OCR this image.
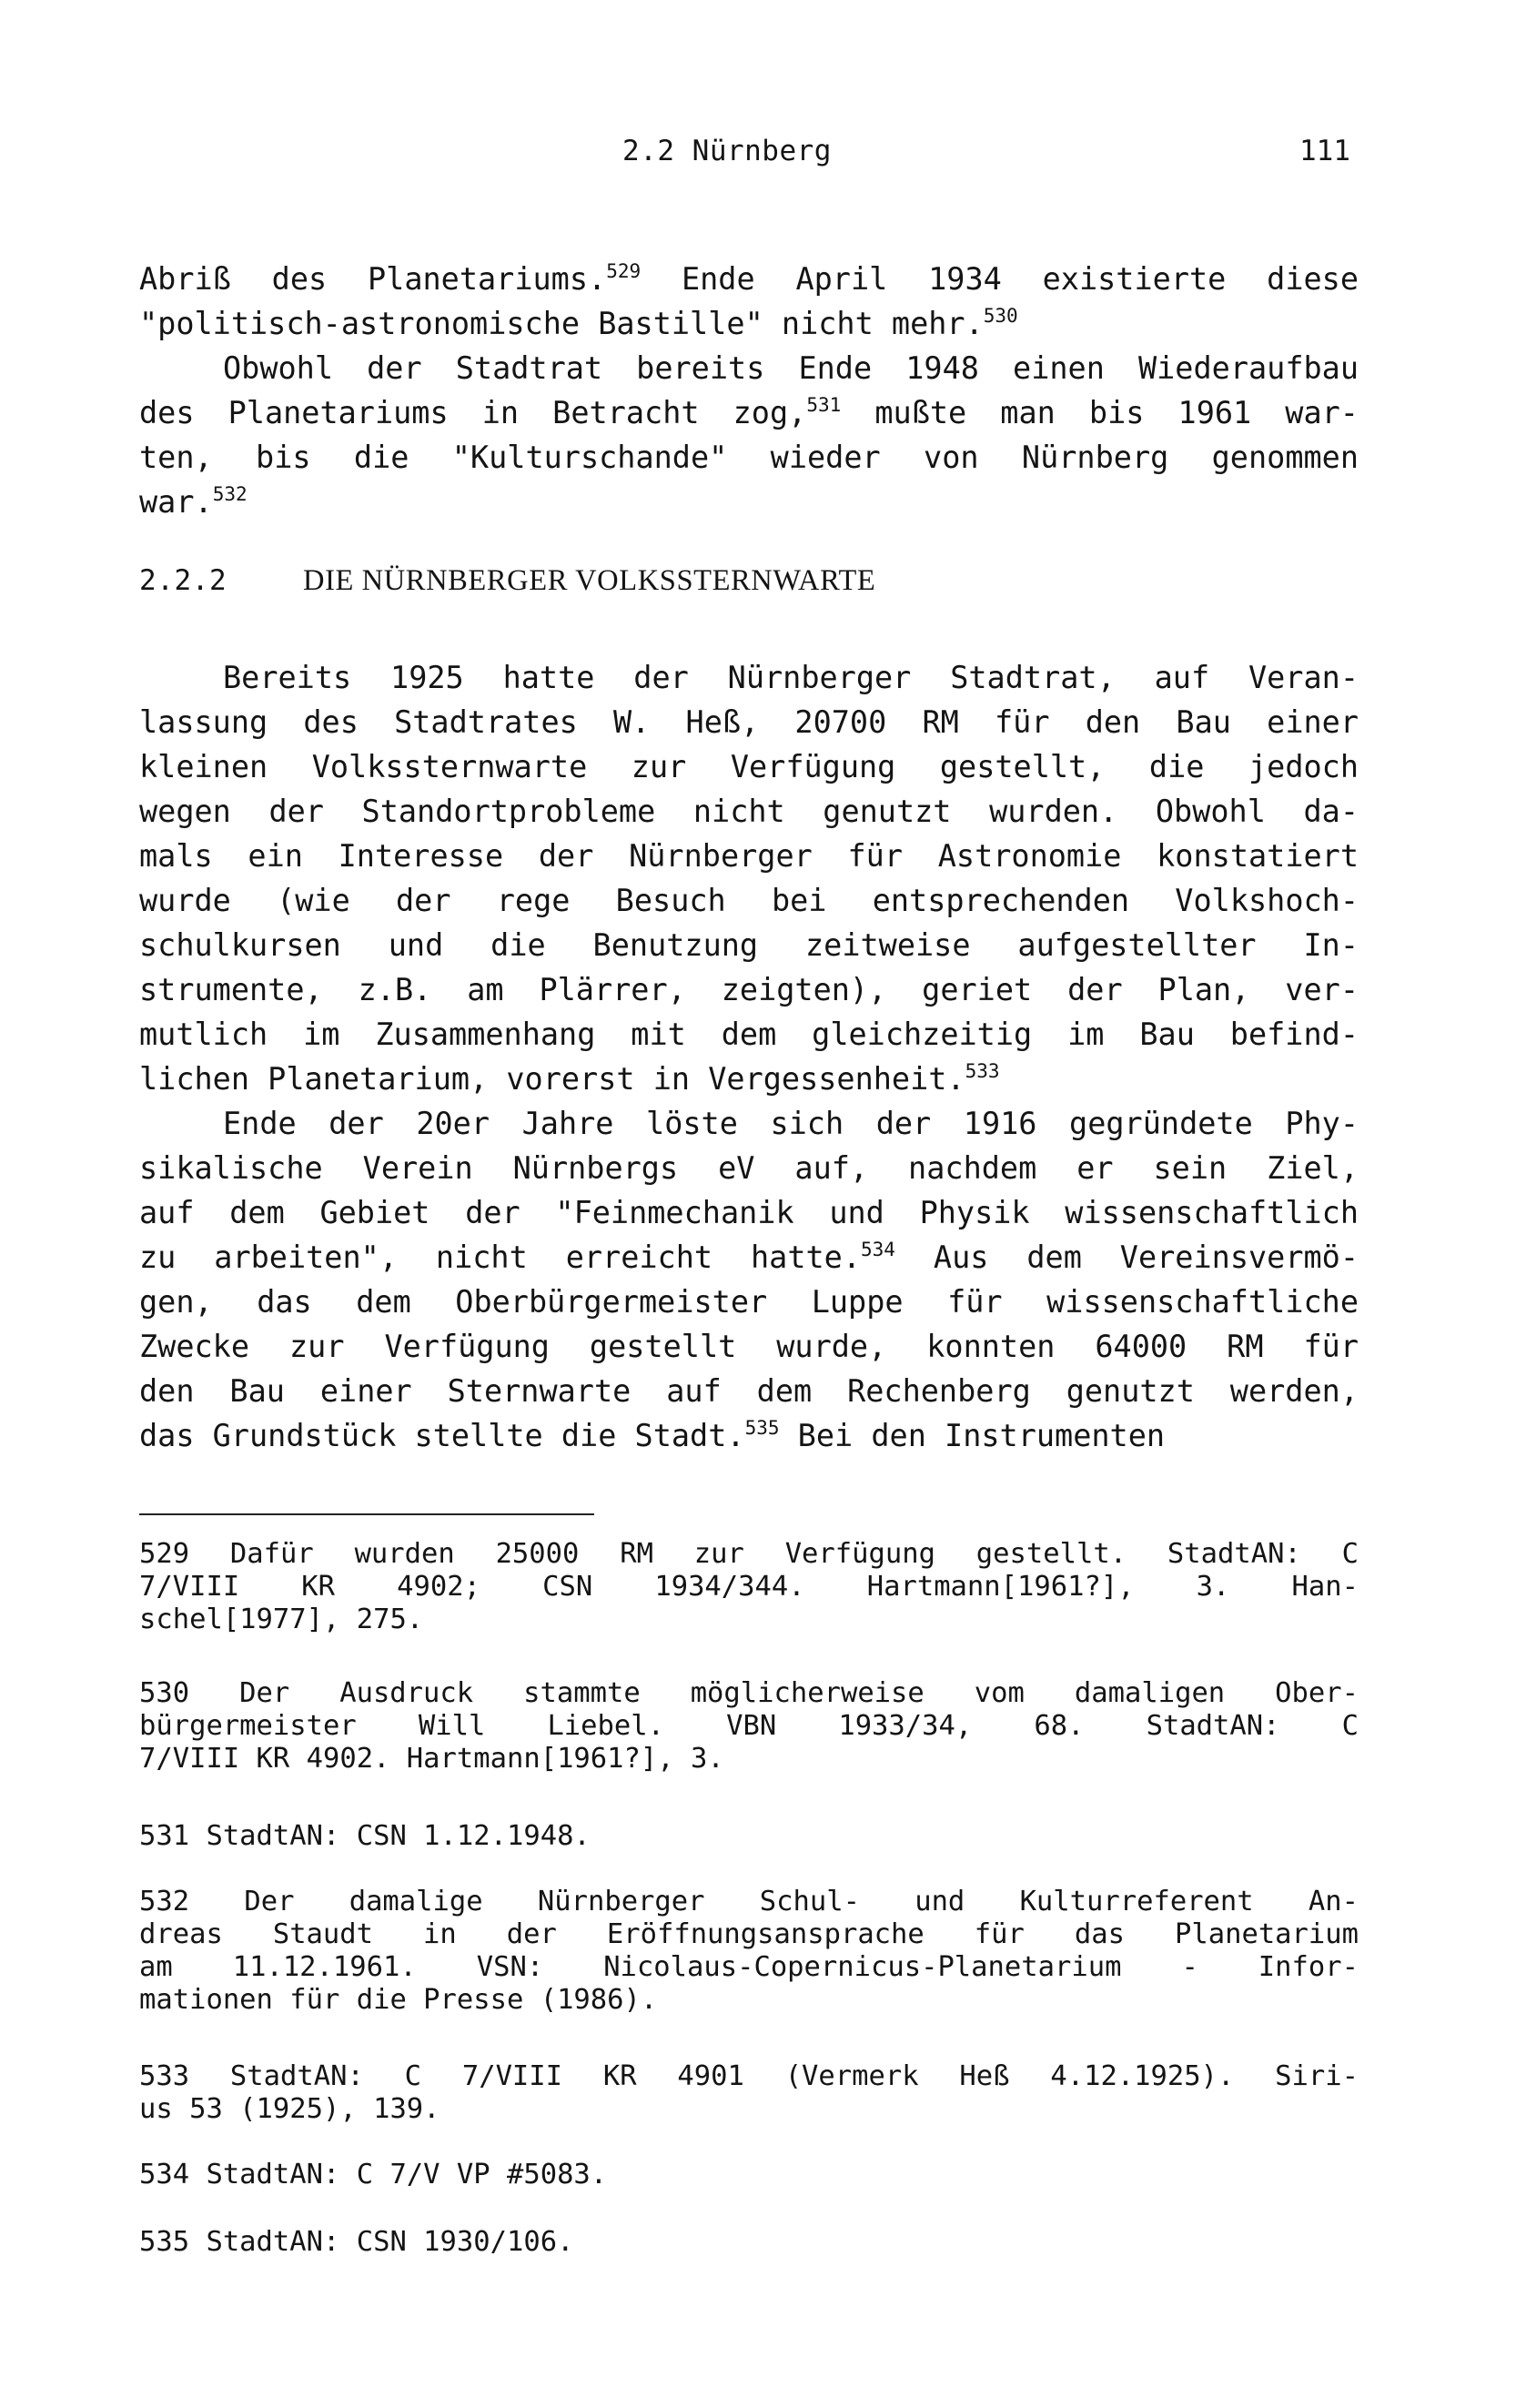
2.2 Nürnberg	111
Abriß des Planetariums.$^{529}$ Ende April 1934 existierte diese
"politisch-astronomische Bastille" nicht mehr.$^{530}$
Obwohl der Stadtrat bereits Ende 1948 einen Wiederaufbau
des Planetariums in Betracht zog,$^{531}$ mußte man bis 1961 war-
ten, bis die "Kulturschande" wieder von Nürnberg genommen
war.$^{532}$
2.2.2	DIE NÜRNBERGER VOLKSSTERNWARTE
Bereits 1925 hatte der Nürnberger Stadtrat, auf Veran-
lassung des Stadtrates W. Heß, 20700 RM für den Bau einer
kleinen Volkssternwarte zur Verfügung gestellt, die jedoch
wegen der Standortprobleme nicht genutzt wurden. Obwohl da-
mals ein Interesse der Nürnberger für Astronomie konstatiert
wurde (wie der rege Besuch bei entsprechenden Volkshoch-
schulkursen und die Benutzung zeitweise aufgestellter In-
strumente, z.B. am Plärrer, zeigten), geriet der Plan, ver-
mutlich im Zusammenhang mit dem gleichzeitig im Bau befind-
lichen Planetarium, vorerst in Vergessenheit.$^{533}$
Ende der 20er Jahre löste sich der 1916 gegründete Phy-
sikalische Verein Nürnbergs eV auf, nachdem er sein Ziel,
auf dem Gebiet der "Feinmechanik und Physik wissenschaftlich
zu arbeiten", nicht erreicht hatte.$^{534}$ Aus dem Vereinsvermö-
gen, das dem Oberbürgermeister Luppe für wissenschaftliche
Zwecke zur Verfügung gestellt wurde, konnten 64000 RM für
den Bau einer Sternwarte auf dem Rechenberg genutzt werden,
das Grundstück stellte die Stadt.$^{535}$ Bei den Instrumenten
529 Dafür wurden 25000 RM zur Verfügung gestellt. StadtAN: C
7/VIII KR 4902; CSN 1934/344. Hartmann[1961?], 3. Han-
schel[1977], 275.
530 Der Ausdruck stammte möglicherweise vom damaligen Ober-
bürgermeister Will Liebel. VBN 1933/34, 68. StadtAN: C
7/VIII KR 4902. Hartmann[1961?], 3.
531 StadtAN: CSN 1.12.1948.
532 Der damalige Nürnberger Schul- und Kulturreferent An-
dreas Staudt in der Eröffnungsansprache für das Planetarium
am 11.12.1961. VSN: Nicolaus-Copernicus-Planetarium - Infor-
mationen für die Presse (1986).
533 StadtAN: C 7/VIII KR 4901 (Vermerk Heß 4.12.1925). Siri-
us 53 (1925), 139.
534 StadtAN: C 7/V VP #5083.
535 StadtAN: CSN 1930/106.
